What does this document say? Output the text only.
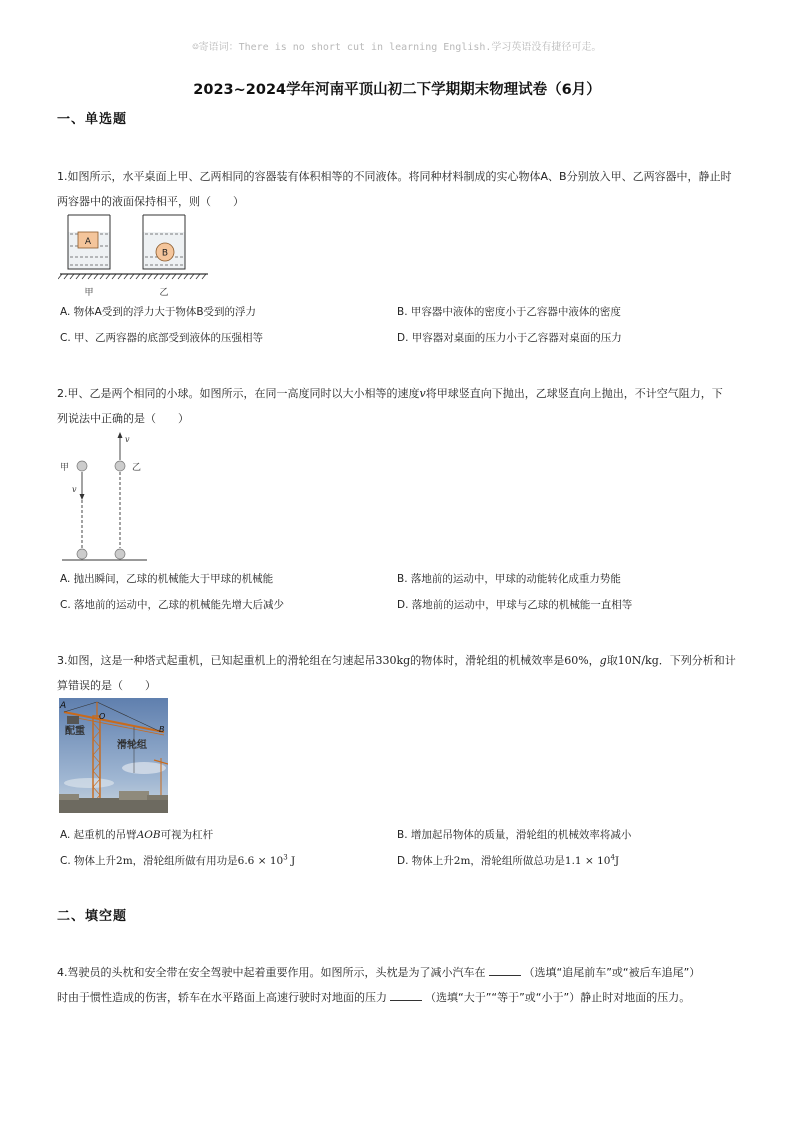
☺寄语词：There is no short cut in learning English.学习英语没有捷径可走。
2023~2024学年河南平顶山初二下学期期末物理试卷（6月）
一、单选题
1.如图所示，水平桌面上甲、乙两相同的容器装有体积相等的不同液体。将同种材料制成的实心物体A、B分别放入甲、乙两容器中，静止时
两容器中的液面保持相平，则（　　）
A
B
甲	乙
A. 物体A受到的浮力大于物体B受到的浮力	B. 甲容器中液体的密度小于乙容器中液体的密度
C. 甲、乙两容器的底部受到液体的压强相等	D. 甲容器对桌面的压力小于乙容器对桌面的压力
2.甲、乙是两个相同的小球。如图所示，在同一高度同时以大小相等的速度v将甲球竖直向下抛出，乙球竖直向上抛出，不计空气阻力，下
列说法中正确的是（　　）
甲	乙
v
v
A. 抛出瞬间，乙球的机械能大于甲球的机械能	B. 落地前的运动中，甲球的动能转化成重力势能
C. 落地前的运动中，乙球的机械能先增大后减少	D. 落地前的运动中，甲球与乙球的机械能一直相等
3.如图，这是一种塔式起重机，已知起重机上的滑轮组在匀速起吊330kg的物体时，滑轮组的机械效率是60%，g取10N/kg．下列分析和计
算错误的是（　　）
A
O
B
配重
滑轮组
A. 起重机的吊臂AOB可视为杠杆	B. 增加起吊物体的质量，滑轮组的机械效率将减小
C. 物体上升2m，滑轮组所做有用功是$6.6 \times 10^3$ J	D. 物体上升2m，滑轮组所做总功是$1.1 \times 10^4J$
二、填空题
4.驾驶员的头枕和安全带在安全驾驶中起着重要作用。如图所示，头枕是为了减小汽车在	（选填“追尾前车”或“被后车追尾”）
时由于惯性造成的伤害，轿车在水平路面上高速行驶时对地面的压力	（选填“大于”“等于”或“小于”）静止时对地面的压力。
